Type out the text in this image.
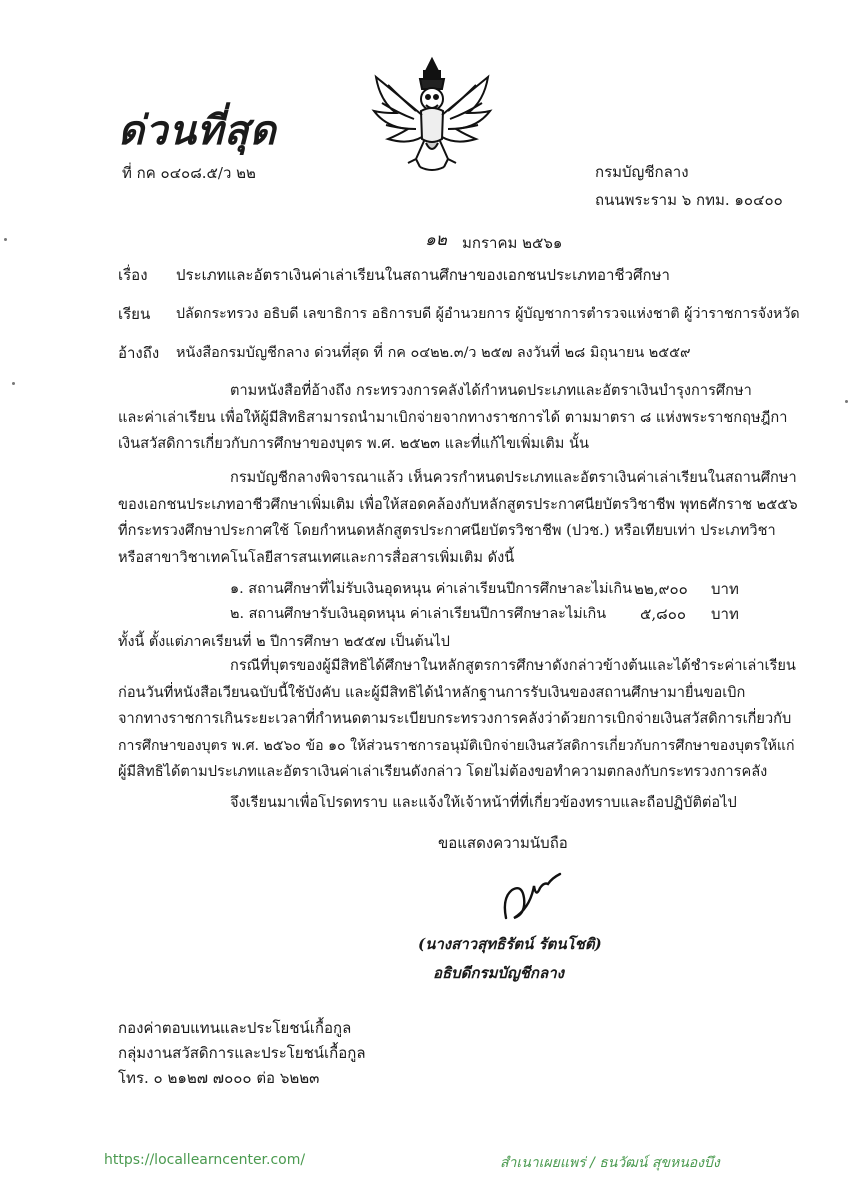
ด่วนที่สุด
ที่ กค ๐๔๐๘.๕/ว ๒๒	กรมบัญชีกลาง
ถนนพระราม ๖ กทม. ๑๐๔๐๐
๑๒ มกราคม ๒๕๖๑
เรื่อง ประเภทและอัตราเงินค่าเล่าเรียนในสถานศึกษาของเอกชนประเภทอาชีวศึกษา
เรียน ปลัดกระทรวง อธิบดี เลขาธิการ อธิการบดี ผู้อำนวยการ ผู้บัญชาการตำรวจแห่งชาติ ผู้ว่าราชการจังหวัด
อ้างถึง หนังสือกรมบัญชีกลาง ด่วนที่สุด ที่ กค ๐๔๒๒.๓/ว ๒๕๗ ลงวันที่ ๒๘ มิถุนายน ๒๕๕๙
ตามหนังสือที่อ้างถึง กระทรวงการคลังได้กำหนดประเภทและอัตราเงินบำรุงการศึกษา
และค่าเล่าเรียน เพื่อให้ผู้มีสิทธิสามารถนำมาเบิกจ่ายจากทางราชการได้ ตามมาตรา ๘ แห่งพระราชกฤษฎีกา
เงินสวัสดิการเกี่ยวกับการศึกษาของบุตร พ.ศ. ๒๕๒๓ และที่แก้ไขเพิ่มเติม นั้น
กรมบัญชีกลางพิจารณาแล้ว เห็นควรกำหนดประเภทและอัตราเงินค่าเล่าเรียนในสถานศึกษา
ของเอกชนประเภทอาชีวศึกษาเพิ่มเติม เพื่อให้สอดคล้องกับหลักสูตรประกาศนียบัตรวิชาชีพ พุทธศักราช ๒๕๕๖
ที่กระทรวงศึกษาประกาศใช้ โดยกำหนดหลักสูตรประกาศนียบัตรวิชาชีพ (ปวช.) หรือเทียบเท่า ประเภทวิชา
หรือสาขาวิชาเทคโนโลยีสารสนเทศและการสื่อสารเพิ่มเติม ดังนี้
๑. สถานศึกษาที่ไม่รับเงินอุดหนุน ค่าเล่าเรียนปีการศึกษาละไม่เกิน ๒๒,๙๐๐ บาท
๒. สถานศึกษารับเงินอุดหนุน ค่าเล่าเรียนปีการศึกษาละไม่เกิน ๕,๘๐๐ บาท
ทั้งนี้ ตั้งแต่ภาคเรียนที่ ๒ ปีการศึกษา ๒๕๕๗ เป็นต้นไป
กรณีที่บุตรของผู้มีสิทธิได้ศึกษาในหลักสูตรการศึกษาดังกล่าวข้างต้นและได้ชำระค่าเล่าเรียน
ก่อนวันที่หนังสือเวียนฉบับนี้ใช้บังคับ และผู้มีสิทธิได้นำหลักฐานการรับเงินของสถานศึกษามายื่นขอเบิก
จากทางราชการเกินระยะเวลาที่กำหนดตามระเบียบกระทรวงการคลังว่าด้วยการเบิกจ่ายเงินสวัสดิการเกี่ยวกับ
การศึกษาของบุตร พ.ศ. ๒๕๖๐ ข้อ ๑๐ ให้ส่วนราชการอนุมัติเบิกจ่ายเงินสวัสดิการเกี่ยวกับการศึกษาของบุตรให้แก่
ผู้มีสิทธิได้ตามประเภทและอัตราเงินค่าเล่าเรียนดังกล่าว โดยไม่ต้องขอทำความตกลงกับกระทรวงการคลัง
จึงเรียนมาเพื่อโปรดทราบ และแจ้งให้เจ้าหน้าที่ที่เกี่ยวข้องทราบและถือปฏิบัติต่อไป
ขอแสดงความนับถือ
(นางสาวสุทธิรัตน์ รัตนโชติ)
อธิบดีกรมบัญชีกลาง
กองค่าตอบแทนและประโยชน์เกื้อกูล
กลุ่มงานสวัสดิการและประโยชน์เกื้อกูล
โทร. ๐ ๒๑๒๗ ๗๐๐๐ ต่อ ๖๒๒๓
https://locallearncenter.com/	สำเนาเผยแพร่ / ธนวัฒน์ สุขหนองบึง
